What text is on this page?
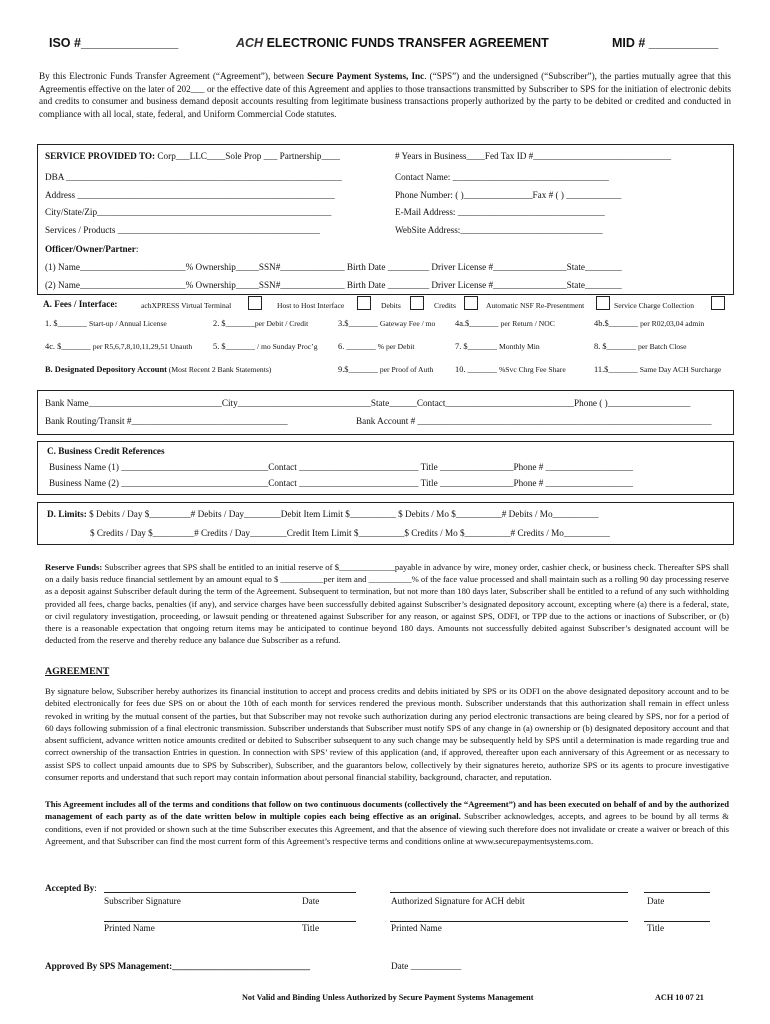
ISO #______________	ACH ELECTRONIC FUNDS TRANSFER AGREEMENT	MID # __________
By this Electronic Funds Transfer Agreement (“Agreement”), between Secure Payment Systems, Inc. (“SPS”) and the undersigned (“Subscriber”), the parties mutually agree that this Agreementis effective on the later of 202___ or the effective date of this Agreement and applies to those transactions transmitted by Subscriber to SPS for the initiation of electronic debits and credits to consumer and business demand deposit accounts resulting from legitimate business transactions properly authorized by the party to be debited or credited and conducted in compliance with all local, state, federal, and Uniform Commercial Code statutes.
SERVICE PROVIDED TO: Corp___LLC____Sole Prop ___ Partnership____	# Years in Business____Fed Tax ID #______________________________
DBA ____________________________________________________________	Contact Name: __________________________________
Address ________________________________________________________	Phone Number: ( )_______________Fax # ( ) ____________
City/State/Zip___________________________________________________	E-Mail Address: ________________________________
Services / Products ____________________________________________	WebSite Address:_______________________________
Officer/Owner/Partner:
(1) Name_______________________% Ownership_____SSN#______________ Birth Date _________ Driver License #________________State________
(2) Name_______________________% Ownership_____SSN#______________ Birth Date _________ Driver License #________________State________
A. Fees / Interface:	achXPRESS Virtual Terminal	Host to Host Interface	Debits	Credits	Automatic NSF Re-Presentment	Service Charge Collection
1. $_______ Start-up / Annual License	2. $_______per Debit / Credit	3.$_______ Gateway Fee / mo 4a.$_______ per Return / NOC	4b.$_______ per R02,03,04 admin
4c. $_______ per R5,6,7,8,10,11,29,51 Unauth 5. $_______ / mo Sunday Proc’g 6. _______ % per Debit	7. $_______ Monthly Min	8. $_______ per Batch Close
B. Designated Depository Account (Most Recent 2 Bank Statements)	9.$_______ per Proof of Auth	10. _______ %Svc Chrg Fee Share	11.$_______ Same Day ACH Surcharge
Bank Name_____________________________City_____________________________State______Contact____________________________Phone ( )__________________
Bank Routing/Transit #__________________________________	Bank Account # ________________________________________________________________
C. Business Credit References
Business Name (1) ________________________________Contact __________________________ Title ________________Phone # ___________________
Business Name (2) ________________________________Contact __________________________ Title ________________Phone # ___________________
D. Limits: $ Debits / Day $_________# Debits / Day________Debit Item Limit $__________ $ Debits / Mo $__________# Debits / Mo__________
$ Credits / Day $_________# Credits / Day________Credit Item Limit $__________$ Credits / Mo $__________# Credits / Mo__________
Reserve Funds: Subscriber agrees that SPS shall be entitled to an initial reserve of $_____________payable in advance by wire, money order, cashier check, or business check. Thereafter SPS shall on a daily basis reduce financial settlement by an amount equal to $ __________per item and __________% of the face value processed and shall maintain such as a rolling 90 day processing reserve as a deposit against Subscriber default during the term of the Agreement. Subsequent to termination, but not more than 180 days later, Subscriber shall be entitled to a refund of any such withholding provided all fees, charge backs, penalties (if any), and service charges have been successfully debited against Subscriber’s designated depository account, excepting where (a) there is a federal, state, or civil regulatory investigation, proceeding, or lawsuit pending or threatened against Subscriber for any reason, or against SPS, ODFI, or TPP due to the actions or inactions of Subscriber, or (b) there is a reasonable expectation that ongoing return items may be anticipated to continue beyond 180 days. Amounts not successfully debited against Subscriber’s designated account will be deducted from the reserve and thereby reduce any balance due Subscriber as a refund.
AGREEMENT
By signature below, Subscriber hereby authorizes its financial institution to accept and process credits and debits initiated by SPS or its ODFI on the above designated depository account and to be debited electronically for fees due SPS on or about the 10th of each month for services rendered the previous month. Subscriber understands that this authorization shall remain in effect unless revoked in writing by the mutual consent of the parties, but that Subscriber may not revoke such authorization during any period electronic transactions are being cleared by SPS, nor for a period of 60 days following submission of a final electronic transmission. Subscriber understands that Subscriber must notify SPS of any change in (a) ownership or (b) designated depository account and that absent sufficient, advance written notice amounts credited or debited to Subscriber subsequent to any such change may be subsequently held by SPS until a determination is made regarding true and correct ownership of the transaction Entries in question. In connection with SPS’ review of this application (and, if approved, thereafter upon each anniversary of this Agreement or as necessary to assist SPS to collect unpaid amounts due to SPS by Subscriber), Subscriber, and the guarantors below, collectively by their signatures hereto, authorize SPS or its agents to procure investigative consumer reports and understand that such report may contain information about personal financial stability, background, character, and reputation.
This Agreement includes all of the terms and conditions that follow on two continuous documents (collectively the “Agreement”) and has been executed on behalf of and by the authorized management of each party as of the date written below in multiple copies each being effective as an original. Subscriber acknowledges, accepts, and agrees to be bound by all terms & conditions, even if not provided or shown such at the time Subscriber executes this Agreement, and that the absence of viewing such therefore does not invalidate or create a waiver or breach of this Agreement, and that Subscriber can find the most current form of this Agreement’s respective terms and conditions online at www.securepaymentsystems.com.
Accepted By:
Subscriber Signature	Date	Authorized Signature for ACH debit	Date
Printed Name	Title	Printed Name	Title
Approved By SPS Management:______________________________	Date ___________
Not Valid and Binding Unless Authorized by Secure Payment Systems Management	ACH 10 07 21
